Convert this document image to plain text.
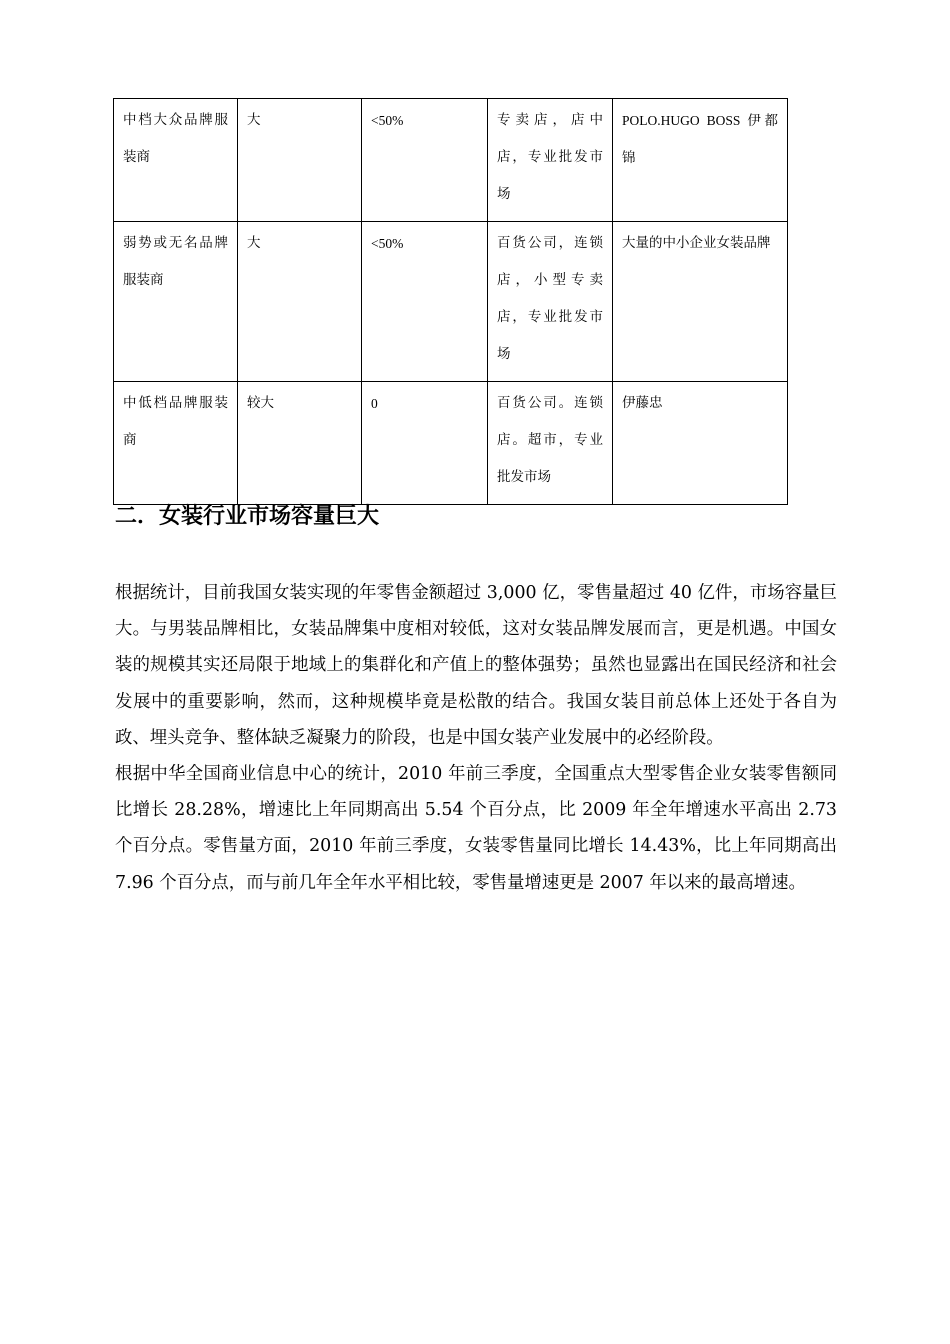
中档大众品牌服装商	大	<50%	专卖店，店中店，专业批发市场	POLO.HUGO BOSS 伊都锦
弱势或无名品牌服装商	大	<50%	百货公司，连锁店，小型专卖店，专业批发市场	大量的中小企业女装品牌
中低档品牌服装商	较大	0	百货公司。连锁店。超市，专业批发市场	伊藤忠
二．女装行业市场容量巨大

根据统计，目前我国女装实现的年零售金额超过 3,000 亿，零售量超过 40 亿件，市场容量巨大。与男装品牌相比，女装品牌集中度相对较低，这对女装品牌发展而言，更是机遇。中国女装的规模其实还局限于地域上的集群化和产值上的整体强势；虽然也显露出在国民经济和社会发展中的重要影响，然而，这种规模毕竟是松散的结合。我国女装目前总体上还处于各自为政、埋头竞争、整体缺乏凝聚力的阶段，也是中国女装产业发展中的必经阶段。

根据中华全国商业信息中心的统计，2010 年前三季度，全国重点大型零售企业女装零售额同比增长 28.28%，增速比上年同期高出 5.54 个百分点，比 2009 年全年增速水平高出 2.73 个百分点。零售量方面，2010 年前三季度，女装零售量同比增长 14.43%，比上年同期高出 7.96 个百分点，而与前几年全年水平相比较，零售量增速更是 2007 年以来的最高增速。
